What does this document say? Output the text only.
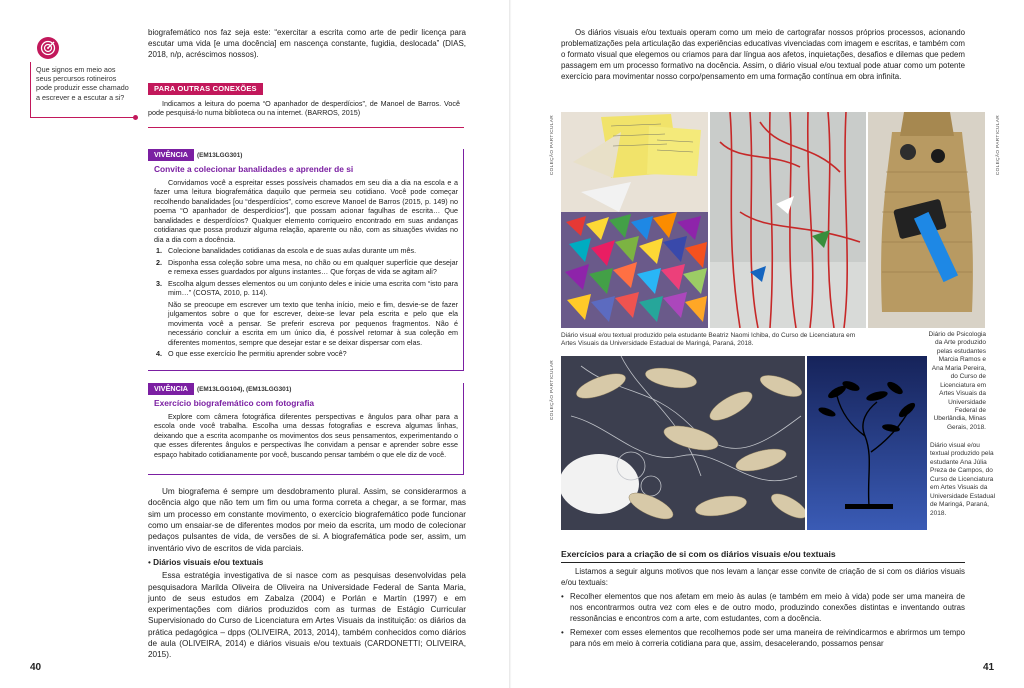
Que signos em meio aos seus percursos rotineiros pode produzir esse chamado a escrever e a escutar a si?
biografemático nos faz seja este: “exercitar a escrita como arte de pedir licença para escutar uma vida [e uma docência] em nascença constante, fugidia, deslocada” (DIAS, 2018, n/p, acréscimos nossos).
PARA OUTRAS CONEXÕES
Indicamos a leitura do poema “O apanhador de desperdícios”, de Manoel de Barros. Você pode pesquisá-lo numa biblioteca ou na internet. (BARROS, 2015)
VIVÊNCIA (EM13LGG301)
Convite a colecionar banalidades e aprender de si
Convidamos você a espreitar esses possíveis chamados em seu dia a dia na escola e a fazer uma leitura biografemática daquilo que permeia seu cotidiano. Você pode começar recolhendo banalidades [ou “desperdícios”, como escreve Manoel de Barros (2015, p. 149) no poema “O apanhador de desperdícios”], que possam acionar fagulhas de escrita… Que banalidades e desperdícios? Qualquer elemento corriqueiro encontrado em suas andanças cotidianas que possa produzir alguma relação, aparente ou não, com as situações vividas no dia a dia com a docência.
1. Colecione banalidades cotidianas da escola e de suas aulas durante um mês.
2. Disponha essa coleção sobre uma mesa, no chão ou em qualquer superfície que desejar e remexa esses guardados por alguns instantes… Que forças de vida se agitam ali?
3. Escolha algum desses elementos ou um conjunto deles e inicie uma escrita com “isto para mim…” (COSTA, 2010, p. 114).
Não se preocupe em escrever um texto que tenha início, meio e fim, desvie-se de fazer julgamentos sobre o que for escrever, deixe-se levar pela escrita e pelo que ela movimenta você a pensar. Se preferir escreva por pequenos fragmentos. Não é necessário concluir a escrita em um único dia, é possível retornar à sua coleção em diferentes momentos, sempre que desejar estar e se deixar dispersar com elas.
4. O que esse exercício lhe permitiu aprender sobre você?
VIVÊNCIA (EM13LGG104), (EM13LGG301)
Exercício biografemático com fotografia
Explore com câmera fotográfica diferentes perspectivas e ângulos para olhar para a escola onde você trabalha. Escolha uma dessas fotografias e escreva algumas linhas, deixando que a escrita acompanhe os movimentos dos seus pensamentos, experimentando o que esses diferentes ângulos e perspectivas lhe convidam a pensar e aprender sobre esse espaço habitado cotidianamente por você, buscando pensar também o que ele diz de você.
Um biografema é sempre um desdobramento plural. Assim, se considerarmos a docência algo que não tem um fim ou uma forma correta a chegar, a se formar, mas sim um processo em constante movimento, o exercício biografemático pode funcionar como um ensaiar-se de diferentes modos por meio da escrita, um modo de colecionar pedaços pulsantes de vida, de versões de si. A biografemática pode ser, assim, um inventário vivo de escritos de vida parciais.
• Diários visuais e/ou textuais
Essa estratégia investigativa de si nasce com as pesquisas desenvolvidas pela pesquisadora Marilda Oliveira de Oliveira na Universidade Federal de Santa Maria, junto de seus estudos em Zabalza (2004) e Porlán e Martín (1997) e em experimentações com diários produzidos com as turmas de Estágio Curricular Supervisionado do Curso de Licenciatura em Artes Visuais da instituição: os diários da prática pedagógica – dpps (OLIVEIRA, 2013, 2014), também conhecidos como diários de aula (OLIVEIRA, 2014) e diários visuais e/ou textuais (CARDONETTI; OLIVEIRA, 2015).
40
Os diários visuais e/ou textuais operam como um meio de cartografar nossos próprios processos, acionando problematizações pela articulação das experiências educativas vivenciadas com imagem e escritas, e também com o formato visual que elegemos ou criamos para dar língua aos afetos, inquietações, desafios e dilemas que pedem passagem em um processo formativo na docência. Assim, o diário visual e/ou textual pode atuar como um potente exercício para movimentar nosso corpo/pensamento em uma formação contínua em obra infinita.
COLEÇÃO PARTICULAR	COLEÇÃO PARTICULAR
COLEÇÃO PARTICULAR
Diário visual e/ou textual produzido pela estudante Beatriz Naomi Ichiba, do Curso de Licenciatura em Artes Visuais da Universidade Estadual de Maringá, Paraná, 2018.
Diário de Psicologia da Arte produzido pelas estudantes Marcia Ramos e Ana Maria Pereira, do Curso de Licenciatura em Artes Visuais da Universidade Federal de Uberlândia, Minas Gerais, 2018.
Diário visual e/ou textual produzido pela estudante Ana Júlia Preza de Campos, do Curso de Licenciatura em Artes Visuais da Universidade Estadual de Maringá, Paraná, 2018.
Exercícios para a criação de si com os diários visuais e/ou textuais
Listamos a seguir alguns motivos que nos levam a lançar esse convite de criação de si com os diários visuais e/ou textuais:
• Recolher elementos que nos afetam em meio às aulas (e também em meio à vida) pode ser uma maneira de nos encontrarmos outra vez com eles e de outro modo, produzindo conexões distintas e inventando outras ressonâncias e encontros com a arte, com estudantes, com a docência.
• Remexer com esses elementos que recolhemos pode ser uma maneira de reivindicarmos e abrirmos um tempo para nós em meio à correria cotidiana para que, assim, desacelerando, possamos pensar
41
